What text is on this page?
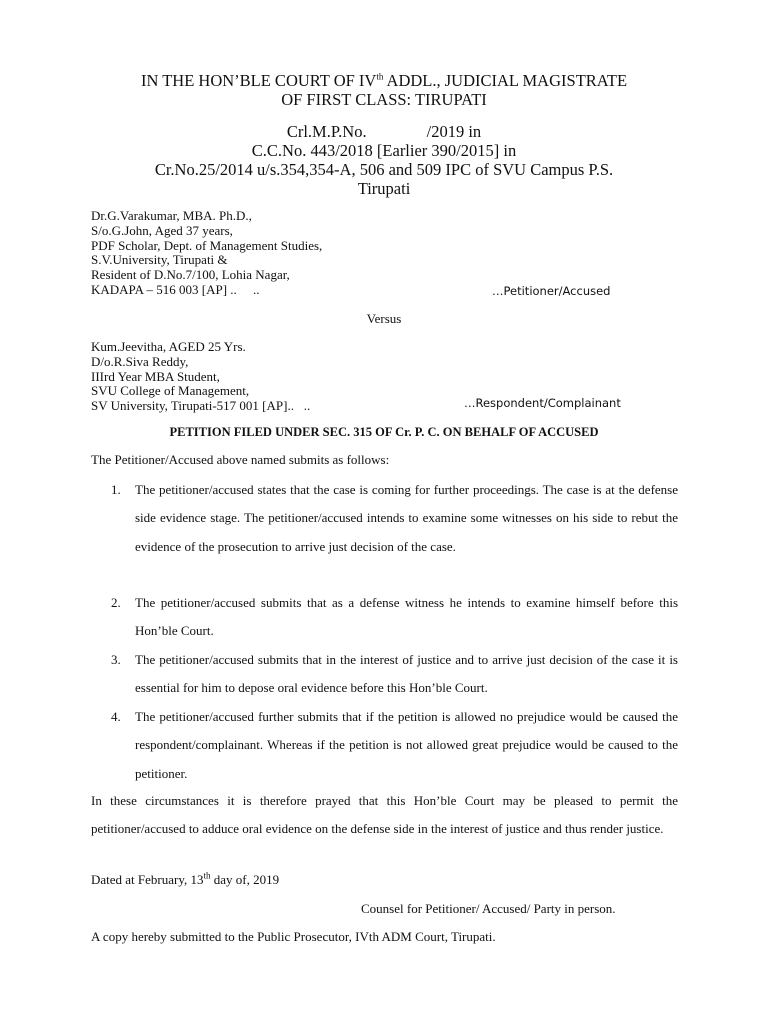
IN THE HON’BLE COURT OF IVth ADDL., JUDICIAL MAGISTRATE
OF FIRST CLASS: TIRUPATI
Crl.M.P.No.	/2019 in
C.C.No. 443/2018 [Earlier 390/2015] in
Cr.No.25/2014 u/s.354,354-A, 506 and 509 IPC of SVU Campus P.S.
Tirupati
Dr.G.Varakumar, MBA. Ph.D.,
S/o.G.John, Aged 37 years,
PDF Scholar, Dept. of Management Studies,
S.V.University, Tirupati &
Resident of D.No.7/100, Lohia Nagar,
KADAPA – 516 003 [AP] ..     ..	…Petitioner/Accused
Versus
Kum.Jeevitha, AGED 25 Yrs.
D/o.R.Siva Reddy,
IIIrd Year MBA Student,
SVU College of Management,
SV University, Tirupati-517 001 [AP]..   ..	…Respondent/Complainant
PETITION FILED UNDER SEC. 315 OF Cr. P. C. ON BEHALF OF ACCUSED
The Petitioner/Accused above named submits as follows:
1. The petitioner/accused states that the case is coming for further proceedings. The case is at the defense side evidence stage. The petitioner/accused intends to examine some witnesses on his side to rebut the evidence of the prosecution to arrive just decision of the case.
2. The petitioner/accused submits that as a defense witness he intends to examine himself before this Hon’ble Court.
3. The petitioner/accused submits that in the interest of justice and to arrive just decision of the case it is essential for him to depose oral evidence before this Hon’ble Court.
4. The petitioner/accused further submits that if the petition is allowed no prejudice would be caused the respondent/complainant. Whereas if the petition is not allowed great prejudice would be caused to the petitioner.
In these circumstances it is therefore prayed that this Hon’ble Court may be pleased to permit the petitioner/accused to adduce oral evidence on the defense side in the interest of justice and thus render justice.
Dated at February, 13th day of, 2019
Counsel for Petitioner/ Accused/ Party in person.
A copy hereby submitted to the Public Prosecutor, IVth ADM Court, Tirupati.
